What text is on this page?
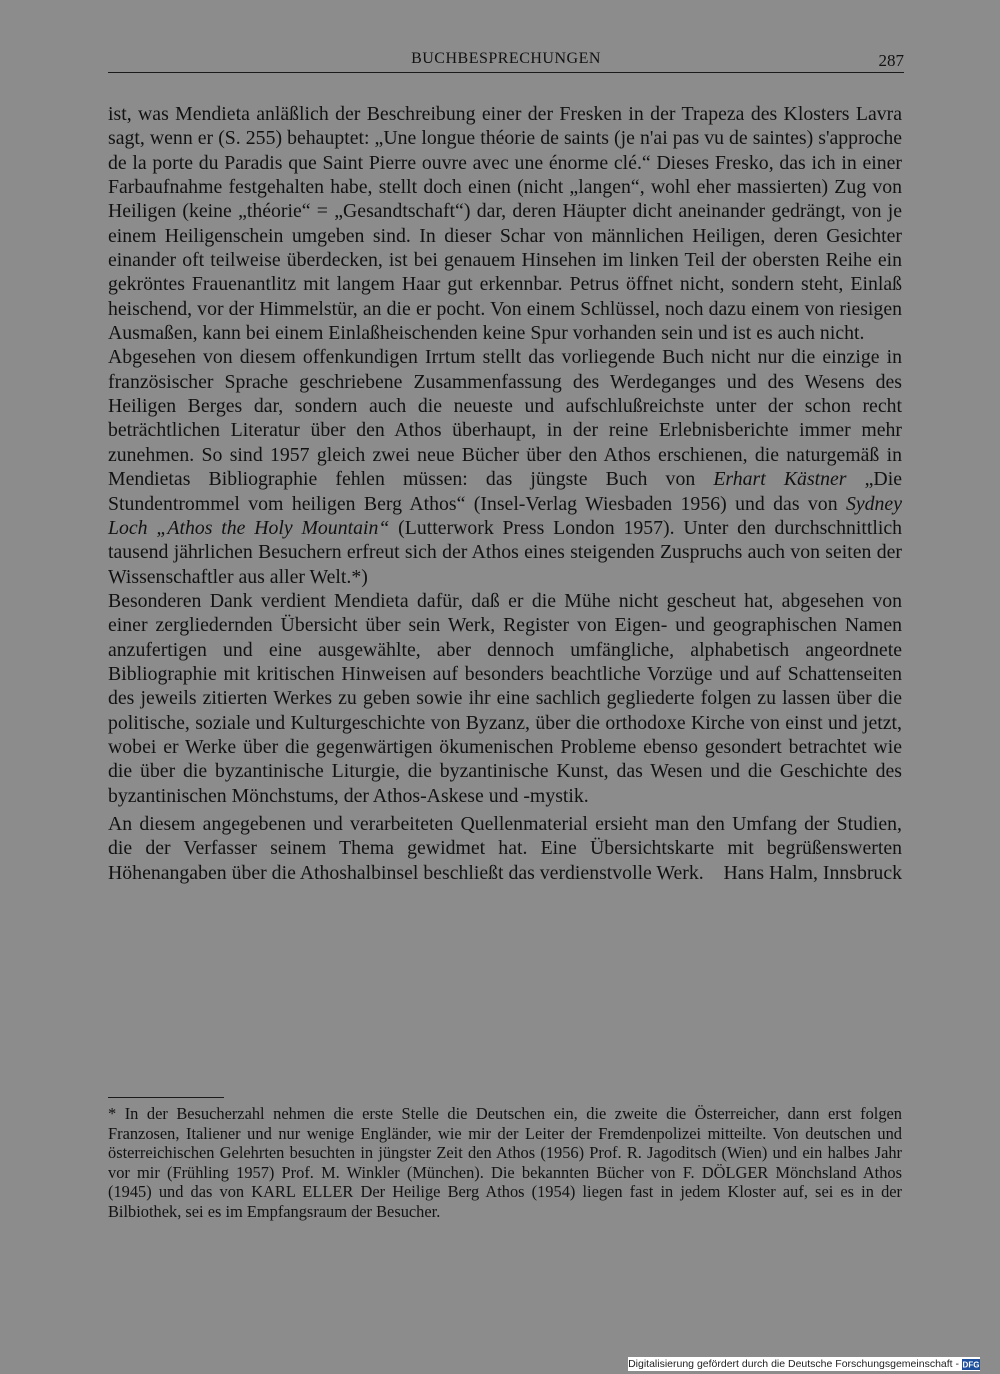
BUCHBESPRECHUNGEN	287

ist, was Mendieta anläßlich der Beschreibung einer der Fresken in der Trapeza des Klosters Lavra sagt, wenn er (S. 255) behauptet: „Une longue théorie de saints (je n'ai pas vu de saintes) s'approche de la porte du Paradis que Saint Pierre ouvre avec une énorme clé.“ Dieses Fresko, das ich in einer Farbaufnahme festgehalten habe, stellt doch einen (nicht „langen“, wohl eher massierten) Zug von Heiligen (keine „théorie“ = „Gesandtschaft“) dar, deren Häupter dicht aneinander gedrängt, von je einem Heiligenschein umgeben sind. In dieser Schar von männlichen Heiligen, deren Gesichter einander oft teilweise überdecken, ist bei genauem Hinsehen im linken Teil der obersten Reihe ein gekröntes Frauenantlitz mit langem Haar gut erkennbar. Petrus öffnet nicht, sondern steht, Einlaß heischend, vor der Himmelstür, an die er pocht. Von einem Schlüssel, noch dazu einem von riesigen Ausmaßen, kann bei einem Einlaßheischenden keine Spur vorhanden sein und ist es auch nicht.

Abgesehen von diesem offenkundigen Irrtum stellt das vorliegende Buch nicht nur die einzige in französischer Sprache geschriebene Zusammenfassung des Werdeganges und des Wesens des Heiligen Berges dar, sondern auch die neueste und aufschlußreichste unter der schon recht beträchtlichen Literatur über den Athos überhaupt, in der reine Erlebnisberichte immer mehr zunehmen. So sind 1957 gleich zwei neue Bücher über den Athos erschienen, die naturgemäß in Mendietas Bibliographie fehlen müssen: das jüngste Buch von Erhart Kästner „Die Stundentrommel vom heiligen Berg Athos“ (Insel-Verlag Wiesbaden 1956) und das von Sydney Loch „Athos the Holy Mountain“ (Lutterwork Press London 1957). Unter den durchschnittlich tausend jährlichen Besuchern erfreut sich der Athos eines steigenden Zuspruchs auch von seiten der Wissenschaftler aus aller Welt.*)

Besonderen Dank verdient Mendieta dafür, daß er die Mühe nicht gescheut hat, abgesehen von einer zergliedernden Übersicht über sein Werk, Register von Eigen- und geographischen Namen anzufertigen und eine ausgewählte, aber dennoch umfängliche, alphabetisch angeordnete Bibliographie mit kritischen Hinweisen auf besonders beachtliche Vorzüge und auf Schattenseiten des jeweils zitierten Werkes zu geben sowie ihr eine sachlich gegliederte folgen zu lassen über die politische, soziale und Kulturgeschichte von Byzanz, über die orthodoxe Kirche von einst und jetzt, wobei er Werke über die gegenwärtigen ökumenischen Probleme ebenso gesondert betrachtet wie die über die byzantinische Liturgie, die byzantinische Kunst, das Wesen und die Geschichte des byzantinischen Mönchstums, der Athos-Askese und -mystik.

An diesem angegebenen und verarbeiteten Quellenmaterial ersieht man den Umfang der Studien, die der Verfasser seinem Thema gewidmet hat. Eine Übersichtskarte mit begrüßenswerten Höhenangaben über die Athoshalbinsel beschließt das verdienstvolle Werk. Hans Halm, Innsbruck

* In der Besucherzahl nehmen die erste Stelle die Deutschen ein, die zweite die Österreicher, dann erst folgen Franzosen, Italiener und nur wenige Engländer, wie mir der Leiter der Fremdenpolizei mitteilte. Von deutschen und österreichischen Gelehrten besuchten in jüngster Zeit den Athos (1956) Prof. R. Jagoditsch (Wien) und ein halbes Jahr vor mir (Frühling 1957) Prof. M. Winkler (München). Die bekannten Bücher von F. DÖLGER Mönchsland Athos (1945) und das von KARL ELLER Der Heilige Berg Athos (1954) liegen fast in jedem Kloster auf, sei es in der Bilbiothek, sei es im Empfangsraum der Besucher.

Digitalisierung gefördert durch die Deutsche Forschungsgemeinschaft - DFG
